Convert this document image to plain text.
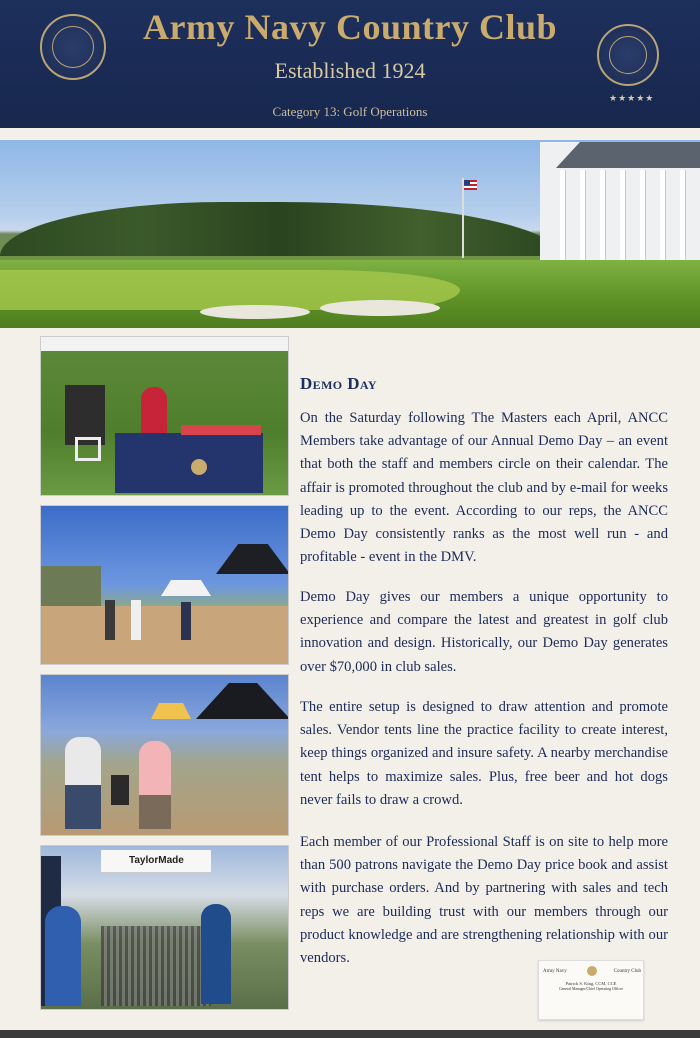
Army Navy Country Club
Established 1924
Category 13: Golf Operations
★★★★★
TaylorMade
Demo Day
On the Saturday following The Masters each April, ANCC Members take advantage of our Annual Demo Day – an event that both the staff and members circle on their calendar. The affair is promoted throughout the club and by e-mail for weeks leading up to the event. According to our reps, the ANCC Demo Day consistently ranks as the most well run - and profitable - event in the DMV.
Demo Day gives our members a unique opportunity to experience and compare the latest and greatest in golf club innovation and design. Historically, our Demo Day generates over $70,000 in club sales.
The entire setup is designed to draw attention and promote sales. Vendor tents line the practice facility to create interest, keep things organized and insure safety. A nearby merchandise tent helps to maximize sales. Plus, free beer and hot dogs never fails to draw a crowd.
Each member of our Professional Staff is on site to help more than 500 patrons navigate the Demo Day price book and assist with purchase orders. And by partnering with sales and tech reps we are building trust with our members through our product knowledge and are strengthening relationship with our vendors.
Army Navy	Country Club
Patrick S. King, CCM, CCE
General Manager/Chief Operating Officer
